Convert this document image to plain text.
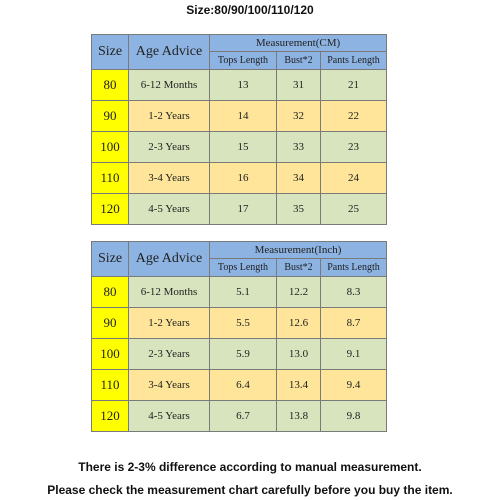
Size:80/90/100/110/120
Size	Age Advice	Measurement(CM)		
		Tops Length	Bust*2	Pants Length
80	6-12 Months	13	31	21
90	1-2 Years	14	32	22
100	2-3 Years	15	33	23
110	3-4 Years	16	34	24
120	4-5 Years	17	35	25
Size	Age Advice	Measurement(Inch)		
		Tops Length	Bust*2	Pants Length
80	6-12 Months	5.1	12.2	8.3
90	1-2 Years	5.5	12.6	8.7
100	2-3 Years	5.9	13.0	9.1
110	3-4 Years	6.4	13.4	9.4
120	4-5 Years	6.7	13.8	9.8
There is 2-3% difference according to manual measurement.
Please check the measurement chart carefully before you buy the item.
